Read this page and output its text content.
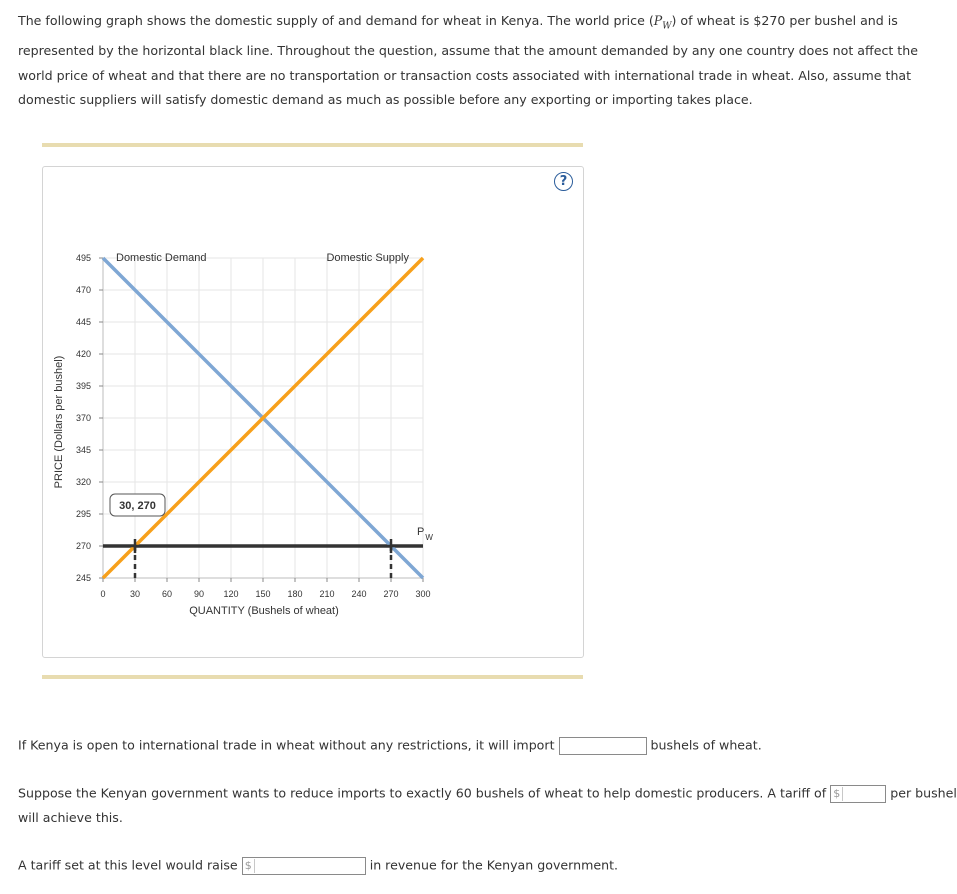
The following graph shows the domestic supply of and demand for wheat in Kenya. The world price $(P_W)$ of wheat is $270 per bushel and is represented by the horizontal black line. Throughout the question, assume that the amount demanded by any one country does not affect the world price of wheat and that there are no transportation or transaction costs associated with international trade in wheat. Also, assume that domestic suppliers will satisfy domestic demand as much as possible before any exporting or importing takes place.
?
0	30 60 90 120 150 180 210 240 270 300
245
270
295
320
345
370
395
420
445
470
495
QUANTITY (Bushels of wheat)
PRICE (Dollars per bushel)
Domestic Demand	Domestic Supply
$P_W$
30, 270
If Kenya is open to international trade in wheat without any restrictions, it will import	bushels of wheat.
Suppose the Kenyan government wants to reduce imports to exactly 60 bushels of wheat to help domestic producers. A tariff of $	per bushel
will achieve this.
A tariff set at this level would raise $	in revenue for the Kenyan government.
